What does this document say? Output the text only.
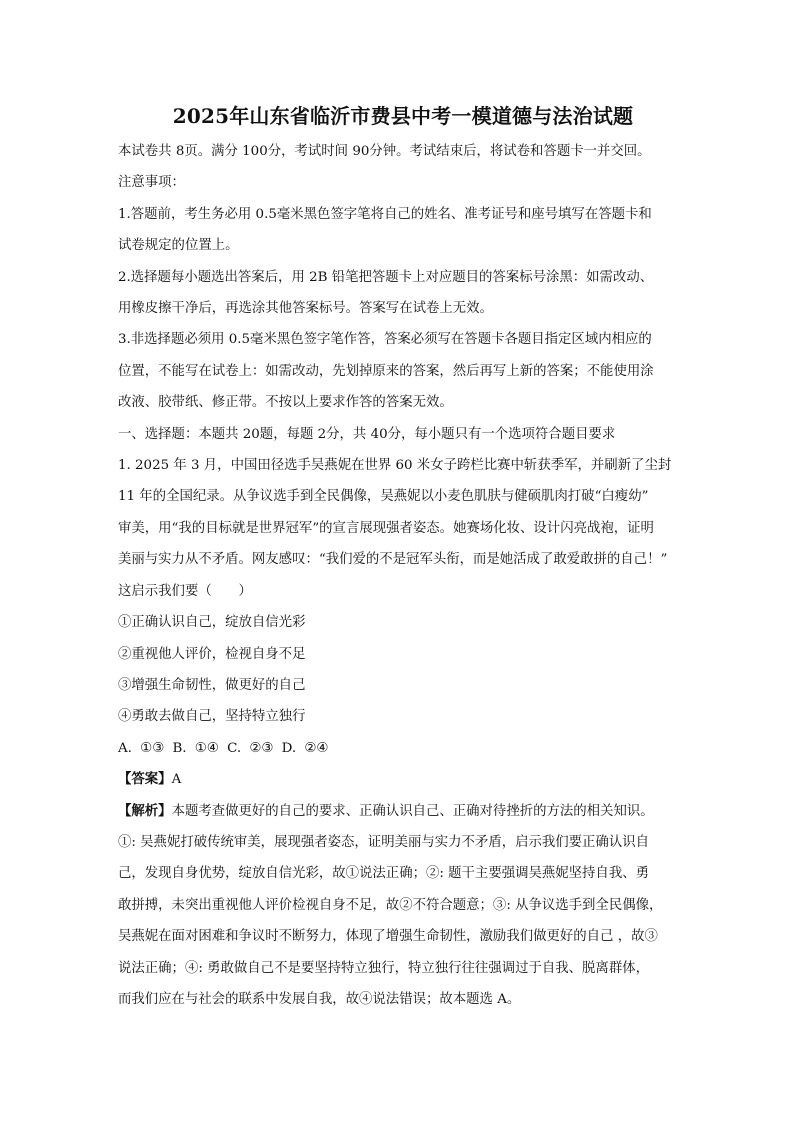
2025年山东省临沂市费县中考一模道德与法治试题

本试卷共 8页。满分 100分，考试时间 90分钟。考试结束后，将试卷和答题卡一并交回。

注意事项：

1.答题前，考生务必用 0.5毫米黑色签字笔将自己的姓名、准考证号和座号填写在答题卡和

试卷规定的位置上。

2.选择题每小题选出答案后，用 2B 铅笔把答题卡上对应题目的答案标号涂黑：如需改动、

用橡皮擦干净后，再选涂其他答案标号。答案写在试卷上无效。

3.非选择题必须用 0.5毫米黑色签字笔作答，答案必须写在答题卡各题目指定区域内相应的

位置，不能写在试卷上：如需改动，先划掉原来的答案，然后再写上新的答案；不能使用涂

改液、胶带纸、修正带。不按以上要求作答的答案无效。

一、选择题：本题共 20题，每题 2分，共 40分，每小题只有一个选项符合题目要求

1. 2025 年 3 月，中国田径选手吴燕妮在世界 60 米女子跨栏比赛中斩获季军，并刷新了尘封

11 年的全国纪录。从争议选手到全民偶像，吴燕妮以小麦色肌肤与健硕肌肉打破“白瘦幼”

审美，用“我的目标就是世界冠军”的宣言展现强者姿态。她赛场化妆、设计闪亮战袍，证明

美丽与实力从不矛盾。网友感叹：“我们爱的不是冠军头衔，而是她活成了敢爱敢拼的自己！”

这启示我们要（　　）

①正确认识自己，绽放自信光彩

②重视他人评价，检视自身不足

③增强生命韧性，做更好的自己

④勇敢去做自己，坚持特立独行

A. ①③ B. ①④ C. ②③ D. ②④

【答案】A

【解析】本题考查做更好的自己的要求、正确认识自己、正确对待挫折的方法的相关知识。

①: 吴燕妮打破传统审美，展现强者姿态，证明美丽与实力不矛盾，启示我们要正确认识自

己，发现自身优势，绽放自信光彩，故①说法正确；②: 题干主要强调吴燕妮坚持自我、勇

敢拼搏，未突出重视他人评价检视自身不足，故②不符合题意；③: 从争议选手到全民偶像，

吴燕妮在面对困难和争议时不断努力，体现了增强生命韧性，激励我们做更好的自己 ，故③

说法正确；④: 勇敢做自己不是要坚持特立独行，特立独行往往强调过于自我、脱离群体，

而我们应在与社会的联系中发展自我，故④说法错误；故本题选 A。
